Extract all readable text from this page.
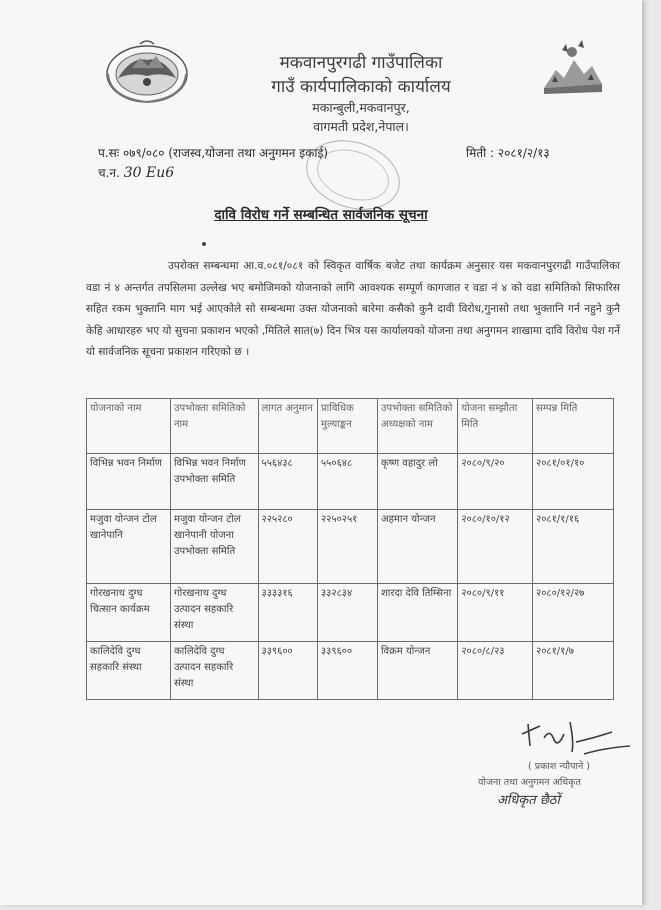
मकवानपुरगढी गाउँपालिका
गाउँ कार्यपालिकाको कार्यालय
मकान्बुली,मकवानपुर,
वागमती प्रदेश,नेपाल।
प.सः ०७९/०८० (राजस्व,योजना तथा अनुगमन इकाई)	मिती : २०८१/२/१३
च.न. 30 Eu6
दावि विरोध गर्ने सम्बन्धित सार्वजनिक सूचना

उपरोक्त सम्बन्धमा आ.व.०८१/०८१ को स्विकृत वार्षिक बजेट तथा कार्यक्रम अनुसार यस मकवानपुरगढी गाउँपालिका वडा नं ४ अन्तर्गत तपसिलमा उल्लेख भए बमोजिमको योजनाको लागि आवश्यक सम्पूर्ण कागजात र वडा नं ४ को वडा समितिको सिफारिस सहित रकम भुक्तानि माग भई आएकोले सो सम्बन्धमा उक्त योजनाको बारेमा कसैको कुनै दावी विरोध,गुनासो तथा भुक्तानि गर्न नहुने कुनै केहि आधारहरु भए यो सुचना प्रकाशन भएको ,मितिले सात(७) दिन भित्र यस कार्यालयको योजना तथा अनुगमन शाखामा दावि विरोध पेश गर्ने यो सार्वजनिक सूचना प्रकाशन गरिएको छ ।

योजनाको नाम	उपभोक्ता समितिको नाम	लागत अनुमान	प्राविधिक मुल्याङ्कन	उपभोक्ता समितिको अध्यक्षको नाम	योजना सम्झौता मिति	सम्पन्न मिति
विभिन्न भवन निर्माण	विभिन्न भवन निर्माण उपभोक्ता समिति	५५६४३८	५५०६४८	कृष्ण वहादुर लो	२०८०/९/२०	२०८१/०१/१०
मजुवा योन्जन टोल खानेपानि	मजुवा योन्जन टोल खानेपानी योजना उपभोक्ता समिति	२२५२८०	२२५०२५१	अहमान योन्जन	२०८०/१०/१२	२०८१/१/१६
गोरखनाथ दुग्ध चित्सान कार्यक्रम	गोरखनाथ दुग्ध उत्पादन सहकारि संस्था	३३३३१६	३३२८३४	शारदा देवि तिम्सिना	२०८०/९/११	२०८०/१२/२७
कालिदेवि दुग्ध सहकारि संस्था	कालिदेवि दुग्ध उत्पादन सहकारि संस्था	३३९६००	३३९६००	विक्रम योन्जन	२०८०/८/२३	२०८१/१/७
( प्रकाश न्यौपाने )
योजना तथा अनुगमन अधिकृत
अधिकृत छैठों
